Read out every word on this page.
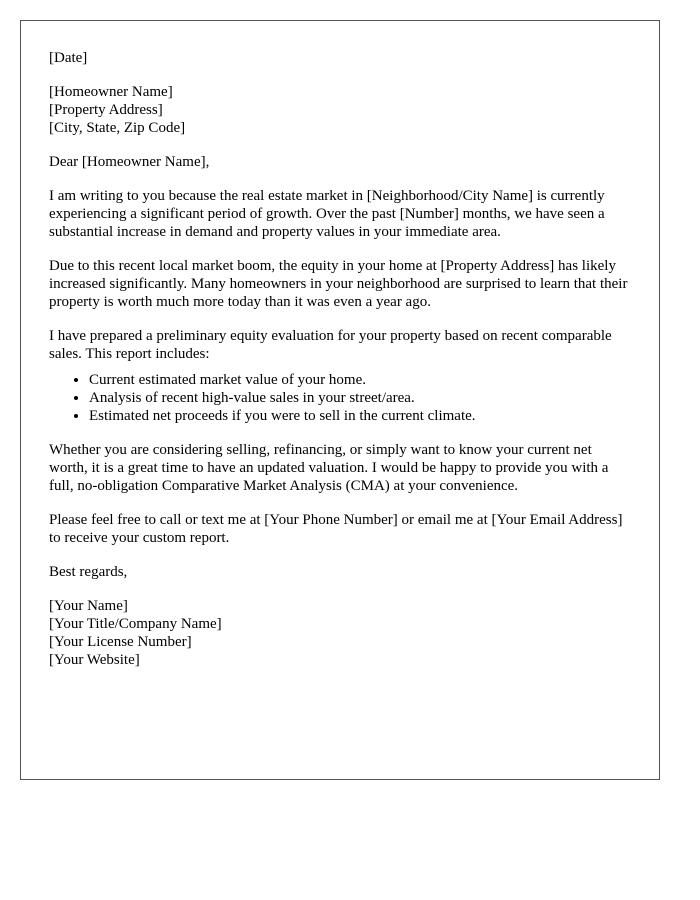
[Date]

[Homeowner Name]
[Property Address]
[City, State, Zip Code]

Dear [Homeowner Name],

I am writing to you because the real estate market in [Neighborhood/City Name] is currently experiencing a significant period of growth. Over the past [Number] months, we have seen a substantial increase in demand and property values in your immediate area.

Due to this recent local market boom, the equity in your home at [Property Address] has likely increased significantly. Many homeowners in your neighborhood are surprised to learn that their property is worth much more today than it was even a year ago.

I have prepared a preliminary equity evaluation for your property based on recent comparable sales. This report includes:

• Current estimated market value of your home.
• Analysis of recent high-value sales in your street/area.
• Estimated net proceeds if you were to sell in the current climate.

Whether you are considering selling, refinancing, or simply want to know your current net worth, it is a great time to have an updated valuation. I would be happy to provide you with a full, no-obligation Comparative Market Analysis (CMA) at your convenience.

Please feel free to call or text me at [Your Phone Number] or email me at [Your Email Address] to receive your custom report.

Best regards,

[Your Name]
[Your Title/Company Name]
[Your License Number]
[Your Website]
